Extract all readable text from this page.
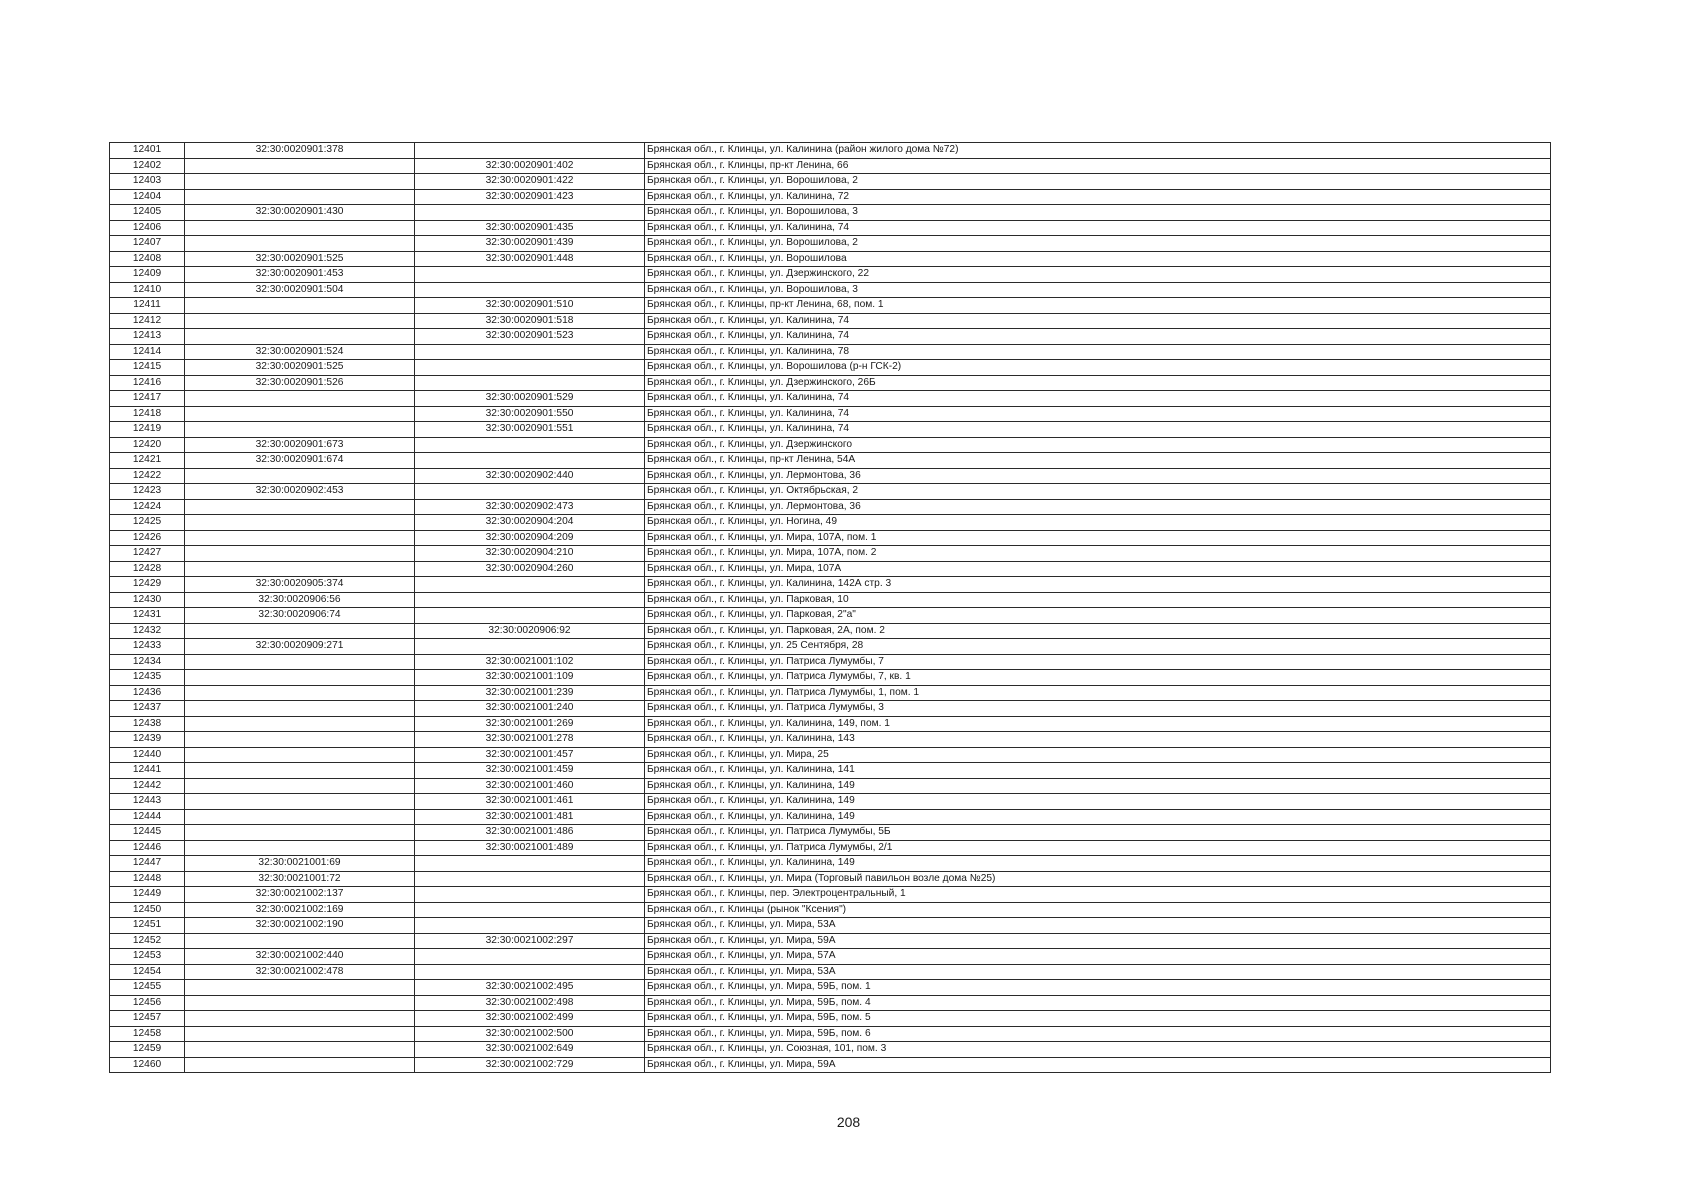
12401	32:30:0020901:378		Брянская обл., г. Клинцы, ул. Калинина (район жилого дома №72)
12402		32:30:0020901:402	Брянская обл., г. Клинцы, пр-кт Ленина, 66
12403		32:30:0020901:422	Брянская обл., г. Клинцы, ул. Ворошилова, 2
12404		32:30:0020901:423	Брянская обл., г. Клинцы, ул. Калинина, 72
12405	32:30:0020901:430		Брянская обл., г. Клинцы, ул. Ворошилова, 3
12406		32:30:0020901:435	Брянская обл., г. Клинцы, ул. Калинина, 74
12407		32:30:0020901:439	Брянская обл., г. Клинцы, ул. Ворошилова, 2
12408	32:30:0020901:525	32:30:0020901:448	Брянская обл., г. Клинцы, ул. Ворошилова
12409	32:30:0020901:453		Брянская обл., г. Клинцы, ул. Дзержинского, 22
12410	32:30:0020901:504		Брянская обл., г. Клинцы, ул. Ворошилова, 3
12411		32:30:0020901:510	Брянская обл., г. Клинцы, пр-кт Ленина, 68, пом. 1
12412		32:30:0020901:518	Брянская обл., г. Клинцы, ул. Калинина, 74
12413		32:30:0020901:523	Брянская обл., г. Клинцы, ул. Калинина, 74
12414	32:30:0020901:524		Брянская обл., г. Клинцы, ул. Калинина, 78
12415	32:30:0020901:525		Брянская обл., г. Клинцы, ул. Ворошилова (р-н ГСК-2)
12416	32:30:0020901:526		Брянская обл., г. Клинцы, ул. Дзержинского, 26Б
12417		32:30:0020901:529	Брянская обл., г. Клинцы, ул. Калинина, 74
12418		32:30:0020901:550	Брянская обл., г. Клинцы, ул. Калинина, 74
12419		32:30:0020901:551	Брянская обл., г. Клинцы, ул. Калинина, 74
12420	32:30:0020901:673		Брянская обл., г. Клинцы, ул. Дзержинского
12421	32:30:0020901:674		Брянская обл., г. Клинцы, пр-кт Ленина, 54А
12422		32:30:0020902:440	Брянская обл., г. Клинцы, ул. Лермонтова, 36
12423	32:30:0020902:453		Брянская обл., г. Клинцы, ул. Октябрьская, 2
12424		32:30:0020902:473	Брянская обл., г. Клинцы, ул. Лермонтова, 36
12425		32:30:0020904:204	Брянская обл., г. Клинцы, ул. Ногина, 49
12426		32:30:0020904:209	Брянская обл., г. Клинцы, ул. Мира, 107А, пом. 1
12427		32:30:0020904:210	Брянская обл., г. Клинцы, ул. Мира, 107А, пом. 2
12428		32:30:0020904:260	Брянская обл., г. Клинцы, ул. Мира, 107А
12429	32:30:0020905:374		Брянская обл., г. Клинцы, ул. Калинина, 142А стр. 3
12430	32:30:0020906:56		Брянская обл., г. Клинцы, ул. Парковая, 10
12431	32:30:0020906:74		Брянская обл., г. Клинцы, ул. Парковая, 2"а"
12432		32:30:0020906:92	Брянская обл., г. Клинцы, ул. Парковая, 2А, пом. 2
12433	32:30:0020909:271		Брянская обл., г. Клинцы, ул. 25 Сентября, 28
12434		32:30:0021001:102	Брянская обл., г. Клинцы, ул. Патриса Лумумбы, 7
12435		32:30:0021001:109	Брянская обл., г. Клинцы, ул. Патриса Лумумбы, 7, кв. 1
12436		32:30:0021001:239	Брянская обл., г. Клинцы, ул. Патриса Лумумбы, 1, пом. 1
12437		32:30:0021001:240	Брянская обл., г. Клинцы, ул. Патриса Лумумбы, 3
12438		32:30:0021001:269	Брянская обл., г. Клинцы, ул. Калинина, 149, пом. 1
12439		32:30:0021001:278	Брянская обл., г. Клинцы, ул. Калинина, 143
12440		32:30:0021001:457	Брянская обл., г. Клинцы, ул. Мира, 25
12441		32:30:0021001:459	Брянская обл., г. Клинцы, ул. Калинина, 141
12442		32:30:0021001:460	Брянская обл., г. Клинцы, ул. Калинина, 149
12443		32:30:0021001:461	Брянская обл., г. Клинцы, ул. Калинина, 149
12444		32:30:0021001:481	Брянская обл., г. Клинцы, ул. Калинина, 149
12445		32:30:0021001:486	Брянская обл., г. Клинцы, ул. Патриса Лумумбы, 5Б
12446		32:30:0021001:489	Брянская обл., г. Клинцы, ул. Патриса Лумумбы, 2/1
12447	32:30:0021001:69		Брянская обл., г. Клинцы, ул. Калинина, 149
12448	32:30:0021001:72		Брянская обл., г. Клинцы, ул. Мира (Торговый павильон возле дома №25)
12449	32:30:0021002:137		Брянская обл., г. Клинцы, пер. Электроцентральный, 1
12450	32:30:0021002:169		Брянская обл., г. Клинцы (рынок "Ксения")
12451	32:30:0021002:190		Брянская обл., г. Клинцы, ул. Мира, 53А
12452		32:30:0021002:297	Брянская обл., г. Клинцы, ул. Мира, 59А
12453	32:30:0021002:440		Брянская обл., г. Клинцы, ул. Мира, 57А
12454	32:30:0021002:478		Брянская обл., г. Клинцы, ул. Мира, 53А
12455		32:30:0021002:495	Брянская обл., г. Клинцы, ул. Мира, 59Б, пом. 1
12456		32:30:0021002:498	Брянская обл., г. Клинцы, ул. Мира, 59Б, пом. 4
12457		32:30:0021002:499	Брянская обл., г. Клинцы, ул. Мира, 59Б, пом. 5
12458		32:30:0021002:500	Брянская обл., г. Клинцы, ул. Мира, 59Б, пом. 6
12459		32:30:0021002:649	Брянская обл., г. Клинцы, ул. Союзная, 101, пом. 3
12460		32:30:0021002:729	Брянская обл., г. Клинцы, ул. Мира, 59А
208
